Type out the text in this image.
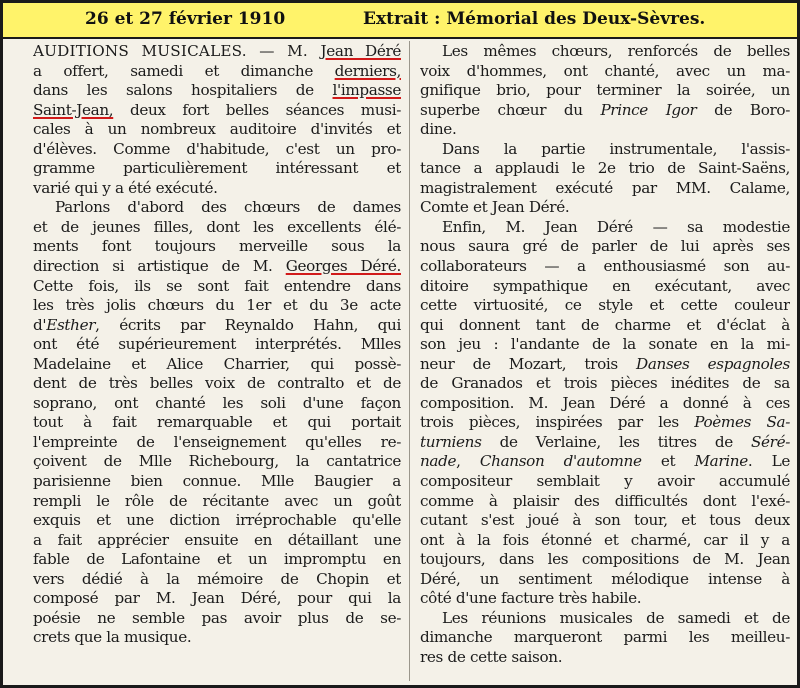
26 et 27 février 1910	Extrait : Mémorial des Deux-Sèvres.
AUDITIONS MUSICALES. — M. Jean Déré
a offert, samedi et dimanche derniers,
dans les salons hospitaliers de l'impasse
Saint-Jean, deux fort belles séances musi-
cales à un nombreux auditoire d'invités et
d'élèves. Comme d'habitude, c'est un pro-
gramme particulièrement intéressant et
varié qui y a été exécuté.
Parlons d'abord des chœurs de dames
et de jeunes filles, dont les excellents élé-
ments font toujours merveille sous la
direction si artistique de M. Georges Déré.
Cette fois, ils se sont fait entendre dans
les très jolis chœurs du 1er et du 3e acte
d'Esther, écrits par Reynaldo Hahn, qui
ont été supérieurement interprétés. Mlles
Madelaine et Alice Charrier, qui possè-
dent de très belles voix de contralto et de
soprano, ont chanté les soli d'une façon
tout à fait remarquable et qui portait
l'empreinte de l'enseignement qu'elles re-
çoivent de Mlle Richebourg, la cantatrice
parisienne bien connue. Mlle Baugier a
rempli le rôle de récitante avec un goût
exquis et une diction irréprochable qu'elle
a fait apprécier ensuite en détaillant une
fable de Lafontaine et un impromptu en
vers dédié à la mémoire de Chopin et
composé par M. Jean Déré, pour qui la
poésie ne semble pas avoir plus de se-
crets que la musique.
Les mêmes chœurs, renforcés de belles
voix d'hommes, ont chanté, avec un ma-
gnifique brio, pour terminer la soirée, un
superbe chœur du Prince Igor de Boro-
dine.
Dans la partie instrumentale, l'assis-
tance a applaudi le 2e trio de Saint-Saëns,
magistralement exécuté par MM. Calame,
Comte et Jean Déré.
Enfin, M. Jean Déré — sa modestie
nous saura gré de parler de lui après ses
collaborateurs — a enthousiasmé son au-
ditoire sympathique en exécutant, avec
cette virtuosité, ce style et cette couleur
qui donnent tant de charme et d'éclat à
son jeu : l'andante de la sonate en la mi-
neur de Mozart, trois Danses espagnoles
de Granados et trois pièces inédites de sa
composition. M. Jean Déré a donné à ces
trois pièces, inspirées par les Poèmes Sa-
turniens de Verlaine, les titres de Séré-
nade, Chanson d'automne et Marine. Le
compositeur semblait y avoir accumulé
comme à plaisir des difficultés dont l'exé-
cutant s'est joué à son tour, et tous deux
ont à la fois étonné et charmé, car il y a
toujours, dans les compositions de M. Jean
Déré, un sentiment mélodique intense à
côté d'une facture très habile.
Les réunions musicales de samedi et de
dimanche marqueront parmi les meilleu-
res de cette saison.
